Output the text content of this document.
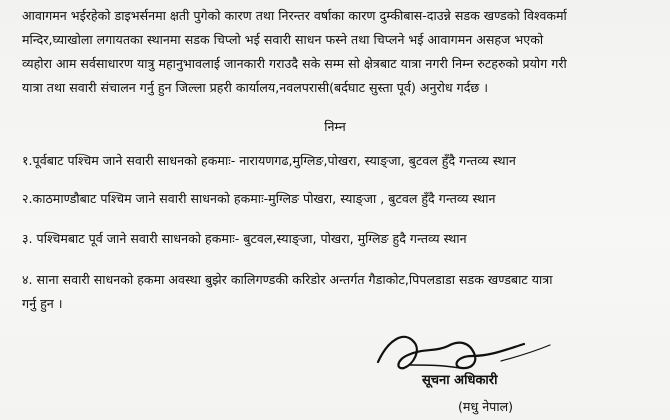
आवागमन भईरहेको डाइभर्सनमा क्षती पुगेको कारण तथा निरन्तर वर्षाका कारण दुम्कीबास-दाउन्ने सडक खण्डको विश्वकर्मा
मन्दिर,घ्याखोला लगायतका स्थानमा सडक चिप्लो भई सवारी साधन फस्ने तथा चिप्लने भई आवागमन असहज भएको
व्यहोरा आम सर्वसाधारण यात्रु महानुभावलाई जानकारी गराउदै सके सम्म सो क्षेत्रबाट यात्रा नगरी निम्न रुटहरुको प्रयोग गरी
यात्रा तथा सवारी संचालन गर्नु हुन जिल्ला प्रहरी कार्यालय,नवलपरासी(बर्दघाट सुस्ता पूर्व) अनुरोध गर्दछ ।
निम्न
१.पूर्वबाट पश्चिम जाने सवारी साधनको हकमाः- नारायणगढ,मुग्लिङ,पोखरा, स्याङ्जा, बुटवल हुँदै गन्तव्य स्थान
२.काठमाण्डौबाट पश्चिम जाने सवारी साधनको हकमाः-मुग्लिङ पोखरा, स्याङ्जा , बुटवल हुँदै गन्तव्य स्थान
३. पश्चिमबाट पूर्व जाने सवारी साधनको हकमाः- बुटवल,स्याङ्जा, पोखरा, मुग्लिङ हुदै गन्तव्य स्थान
४. साना सवारी साधनको हकमा अवस्था बुझेर कालिगण्डकी करिडोर अन्तर्गत गैडाकोट,पिपलडाडा सडक खण्डबाट यात्रा
गर्नु हुन ।
सूचना अधिकारी
(मधु नेपाल)
